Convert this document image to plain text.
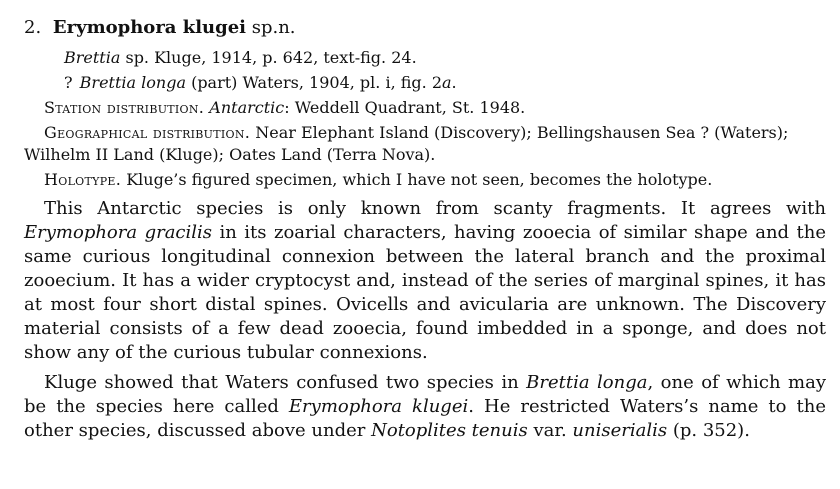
2. Erymophora klugei sp.n.
Brettia sp. Kluge, 1914, p. 642, text-fig. 24.
? Brettia longa (part) Waters, 1904, pl. i, fig. 2a.
Station distribution. Antarctic: Weddell Quadrant, St. 1948.
Geographical distribution. Near Elephant Island (Discovery); Bellingshausen Sea ? (Waters); Wilhelm II Land (Kluge); Oates Land (Terra Nova).
Holotype. Kluge’s figured specimen, which I have not seen, becomes the holotype.

This Antarctic species is only known from scanty fragments. It agrees with Erymophora gracilis in its zoarial characters, having zooecia of similar shape and the same curious longitudinal connexion between the lateral branch and the proximal zooecium. It has a wider cryptocyst and, instead of the series of marginal spines, it has at most four short distal spines. Ovicells and avicularia are unknown. The Discovery material consists of a few dead zooecia, found imbedded in a sponge, and does not show any of the curious tubular connexions.

Kluge showed that Waters confused two species in Brettia longa, one of which may be the species here called Erymophora klugei. He restricted Waters’s name to the other species, discussed above under Notoplites tenuis var. uniserialis (p. 352).
